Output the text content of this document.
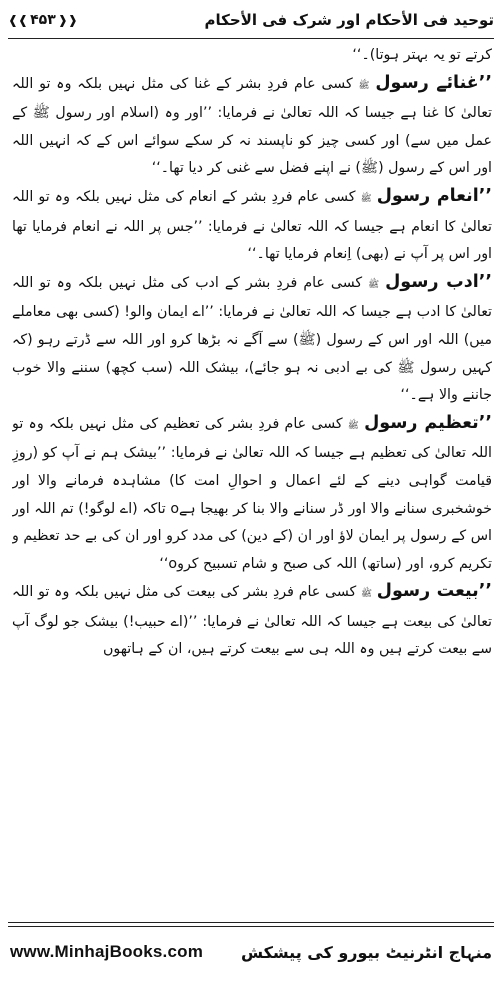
توحید فی الأحکام اور شرک فی الأحکام
❰❰ ۴۵۳ ❱❱

کرتے تو یہ بہتر ہوتا)۔‘‘

’’غنائے رسول ﷺ کسی عام فردِ بشر کے غنا کی مثل نہیں بلکہ وہ تو اللہ تعالیٰ کا غنا ہے جیسا کہ اللہ تعالیٰ نے فرمایا: ’’اور وہ (اسلام اور رسول ﷺ کے عمل میں سے) اور کسی چیز کو ناپسند نہ کر سکے سوائے اس کے کہ انہیں اللہ اور اس کے رسول (ﷺ) نے اپنے فضل سے غنی کر دیا تھا۔‘‘

’’انعام رسول ﷺ کسی عام فردِ بشر کے انعام کی مثل نہیں بلکہ وہ تو اللہ تعالیٰ کا انعام ہے جیسا کہ اللہ تعالیٰ نے فرمایا: ’’جس پر اللہ نے انعام فرمایا تھا اور اس پر آپ نے (بھی) اِنعام فرمایا تھا۔‘‘

’’ادب رسول ﷺ کسی عام فردِ بشر کے ادب کی مثل نہیں بلکہ وہ تو اللہ تعالیٰ کا ادب ہے جیسا کہ اللہ تعالیٰ نے فرمایا: ’’اے ایمان والو! (کسی بھی معاملے میں) اللہ اور اس کے رسول (ﷺ) سے آگے نہ بڑھا کرو اور اللہ سے ڈرتے رہو (کہ کہیں رسول ﷺ کی بے ادبی نہ ہو جائے)، بیشک اللہ (سب کچھ) سننے والا خوب جاننے والا ہے۔‘‘

’’تعظیم رسول ﷺ کسی عام فردِ بشر کی تعظیم کی مثل نہیں بلکہ وہ تو اللہ تعالیٰ کی تعظیم ہے جیسا کہ اللہ تعالیٰ نے فرمایا: ’’بیشک ہم نے آپ کو (روزِ قیامت گواہی دینے کے لئے اعمال و احوالِ امت کا) مشاہدہ فرمانے والا اور خوشخبری سنانے والا اور ڈر سنانے والا بنا کر بھیجا ہےo تاکہ (اے لوگو!) تم اللہ اور اس کے رسول پر ایمان لاؤ اور ان (کے دین) کی مدد کرو اور ان کی بے حد تعظیم و تکریم کرو، اور (ساتھ) اللہ کی صبح و شام تسبیح کروo‘‘

’’بیعت رسول ﷺ کسی عام فردِ بشر کی بیعت کی مثل نہیں بلکہ وہ تو اللہ تعالیٰ کی بیعت ہے جیسا کہ اللہ تعالیٰ نے فرمایا: ’’(اے حبیب!) بیشک جو لوگ آپ سے بیعت کرتے ہیں وہ اللہ ہی سے بیعت کرتے ہیں، ان کے ہاتھوں

www.MinhajBooks.com منہاج انٹرنیٹ بیورو کی پیشکش
